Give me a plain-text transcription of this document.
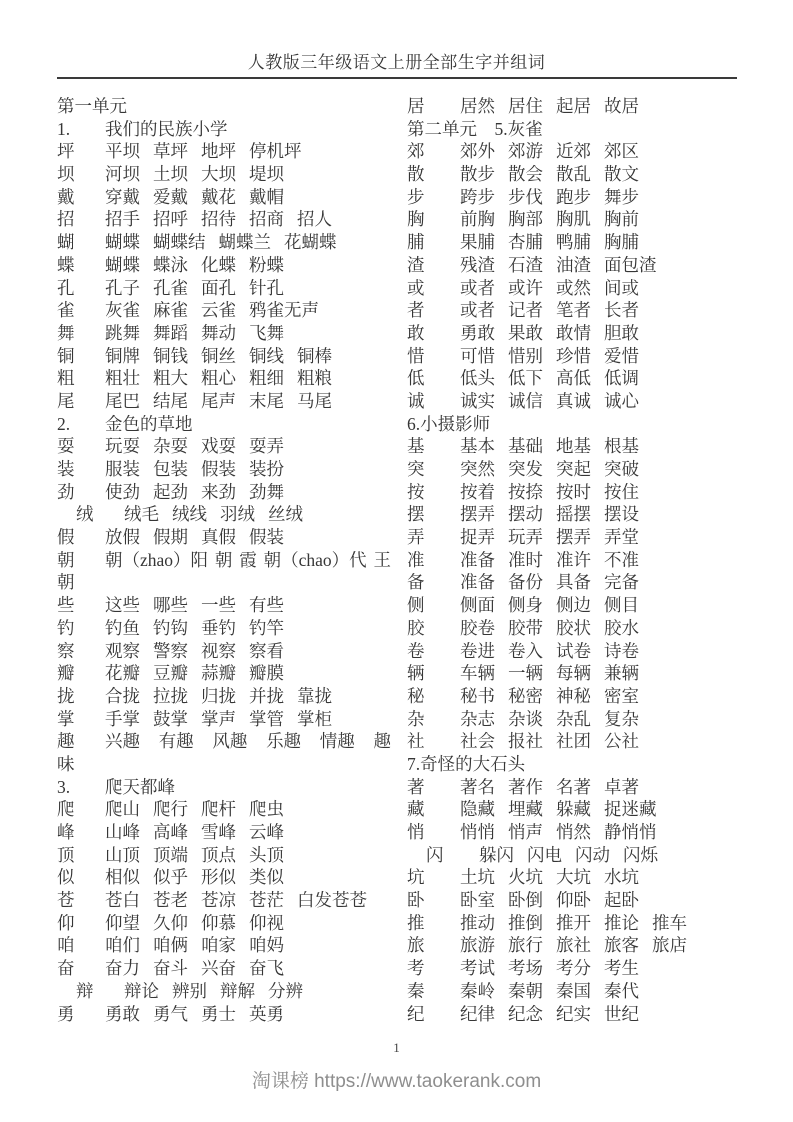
人教版三年级语文上册全部生字并组词
第一单元
1.	我们的民族小学
坪	平坝 草坪 地坪 停机坪
坝	河坝 土坝 大坝 堤坝
戴	穿戴 爱戴 戴花 戴帽
招	招手 招呼 招待 招商 招人
蝴	蝴蝶 蝴蝶结 蝴蝶兰 花蝴蝶
蝶	蝴蝶 蝶泳 化蝶 粉蝶
孔	孔子 孔雀 面孔 针孔
雀	灰雀 麻雀 云雀 鸦雀无声
舞	跳舞 舞蹈 舞动 飞舞
铜	铜牌 铜钱 铜丝 铜线 铜棒
粗	粗壮 粗大 粗心 粗细 粗粮
尾	尾巴 结尾 尾声 末尾 马尾
2.	金色的草地
耍	玩耍 杂耍 戏耍 耍弄
装	服装 包装 假装 装扮
劲	使劲 起劲 来劲 劲舞
绒	绒毛 绒线 羽绒 丝绒
假	放假 假期 真假 假装
朝	朝（zhao）阳 朝 霞 朝（chao）代 王
朝
些	这些 哪些 一些 有些
钓	钓鱼 钓钩 垂钓 钓竿
察	观察 警察 视察 察看
瓣	花瓣 豆瓣 蒜瓣 瓣膜
拢	合拢 拉拢 归拢 并拢 靠拢
掌	手掌 鼓掌 掌声 掌管 掌柜
趣	兴趣 有趣 风趣 乐趣 情趣 趣
味
3.	爬天都峰
爬	爬山 爬行 爬杆 爬虫
峰	山峰 高峰 雪峰 云峰
顶	山顶 顶端 顶点 头顶
似	相似 似乎 形似 类似
苍	苍白 苍老 苍凉 苍茫 白发苍苍
仰	仰望 久仰 仰慕 仰视
咱	咱们 咱俩 咱家 咱妈
奋	奋力 奋斗 兴奋 奋飞
辩	辩论 辨别 辩解 分辨
勇	勇敢 勇气 勇士 英勇
居	居然 居住 起居 故居
第二单元　5.灰雀
郊	郊外 郊游 近郊 郊区
散	散步 散会 散乱 散文
步	跨步 步伐 跑步 舞步
胸	前胸 胸部 胸肌 胸前
脯	果脯 杏脯 鸭脯 胸脯
渣	残渣 石渣 油渣 面包渣
或	或者 或许 或然 间或
者	或者 记者 笔者 长者
敢	勇敢 果敢 敢情 胆敢
惜	可惜 惜别 珍惜 爱惜
低	低头 低下 高低 低调
诚	诚实 诚信 真诚 诚心
6.小摄影师
基	基本 基础 地基 根基
突	突然 突发 突起 突破
按	按着 按捺 按时 按住
摆	摆弄 摆动 摇摆 摆设
弄	捉弄 玩弄 摆弄 弄堂
准	准备 准时 准许 不准
备	准备 备份 具备 完备
侧	侧面 侧身 侧边 侧目
胶	胶卷 胶带 胶状 胶水
卷	卷进 卷入 试卷 诗卷
辆	车辆 一辆 每辆 兼辆
秘	秘书 秘密 神秘 密室
杂	杂志 杂谈 杂乱 复杂
社	社会 报社 社团 公社
7.奇怪的大石头
著	著名 著作 名著 卓著
藏	隐藏 埋藏 躲藏 捉迷藏
悄	悄悄 悄声 悄然 静悄悄
闪	躲闪 闪电 闪动 闪烁
坑	土坑 火坑 大坑 水坑
卧	卧室 卧倒 仰卧 起卧
推	推动 推倒 推开 推论 推车
旅	旅游 旅行 旅社 旅客 旅店
考	考试 考场 考分 考生
秦	秦岭 秦朝 秦国 秦代
纪	纪律 纪念 纪实 世纪
1
淘课榜 https://www.taokerank.com
